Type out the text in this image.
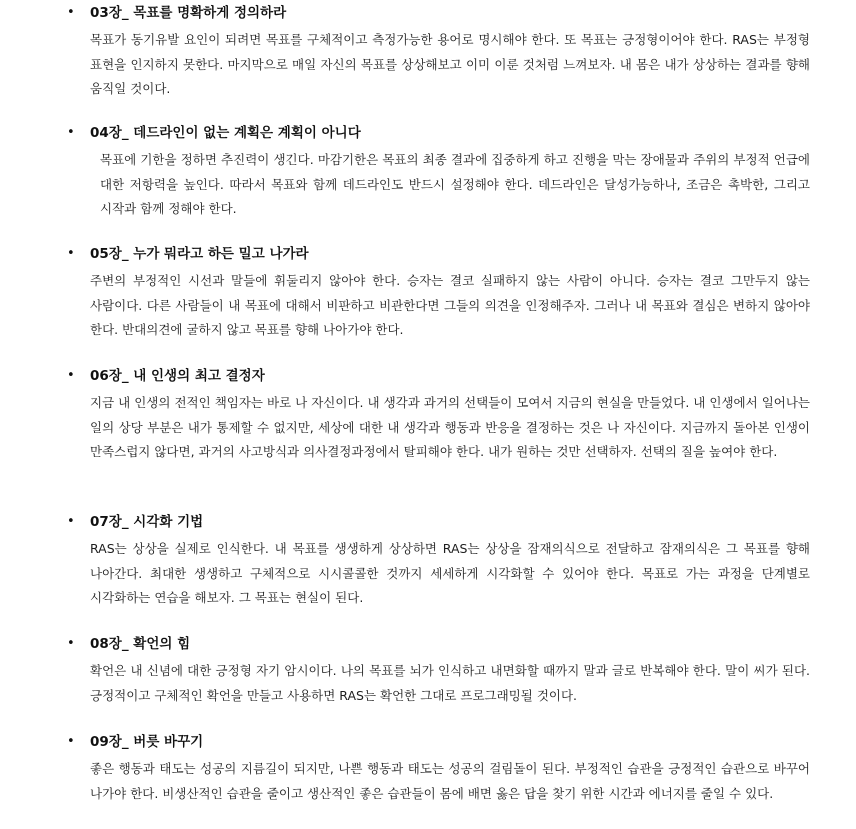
• 03장_ 목표를 명확하게 정의하라
목표가 동기유발 요인이 되려면 목표를 구체적이고 측정가능한 용어로 명시해야 한다. 또 목표는 긍정형이어야 한다. RAS는 부정형 표현을 인지하지 못한다. 마지막으로 매일 자신의 목표를 상상해보고 이미 이룬 것처럼 느껴보자. 내 몸은 내가 상상하는 결과를 향해 움직일 것이다.
• 04장_ 데드라인이 없는 계획은 계획이 아니다
목표에 기한을 정하면 추진력이 생긴다. 마감기한은 목표의 최종 결과에 집중하게 하고 진행을 막는 장애물과 주위의 부정적 언급에 대한 저항력을 높인다. 따라서 목표와 함께 데드라인도 반드시 설정해야 한다. 데드라인은 달성가능하나, 조금은 촉박한, 그리고 시작과 함께 정해야 한다.
• 05장_ 누가 뭐라고 하든 밀고 나가라
주변의 부정적인 시선과 말들에 휘둘리지 않아야 한다. 승자는 결코 실패하지 않는 사람이 아니다. 승자는 결코 그만두지 않는 사람이다. 다른 사람들이 내 목표에 대해서 비판하고 비관한다면 그들의 의견을 인정해주자. 그러나 내 목표와 결심은 변하지 않아야 한다. 반대의견에 굴하지 않고 목표를 향해 나아가야 한다.
• 06장_ 내 인생의 최고 결정자
지금 내 인생의 전적인 책임자는 바로 나 자신이다. 내 생각과 과거의 선택들이 모여서 지금의 현실을 만들었다. 내 인생에서 일어나는 일의 상당 부분은 내가 통제할 수 없지만, 세상에 대한 내 생각과 행동과 반응을 결정하는 것은 나 자신이다. 지금까지 돌아본 인생이 만족스럽지 않다면, 과거의 사고방식과 의사결정과정에서 탈피해야 한다. 내가 원하는 것만 선택하자. 선택의 질을 높여야 한다.
• 07장_ 시각화 기법
RAS는 상상을 실제로 인식한다. 내 목표를 생생하게 상상하면 RAS는 상상을 잠재의식으로 전달하고 잠재의식은 그 목표를 향해 나아간다. 최대한 생생하고 구체적으로 시시콜콜한 것까지 세세하게 시각화할 수 있어야 한다. 목표로 가는 과정을 단계별로 시각화하는 연습을 해보자. 그 목표는 현실이 된다.
• 08장_ 확언의 힘
확언은 내 신념에 대한 긍정형 자기 암시이다. 나의 목표를 뇌가 인식하고 내면화할 때까지 말과 글로 반복해야 한다. 말이 씨가 된다. 긍정적이고 구체적인 확언을 만들고 사용하면 RAS는 확언한 그대로 프로그래밍될 것이다.
• 09장_ 버릇 바꾸기
좋은 행동과 태도는 성공의 지름길이 되지만, 나쁜 행동과 태도는 성공의 걸림돌이 된다. 부정적인 습관을 긍정적인 습관으로 바꾸어 나가야 한다. 비생산적인 습관을 줄이고 생산적인 좋은 습관들이 몸에 배면 옳은 답을 찾기 위한 시간과 에너지를 줄일 수 있다.
